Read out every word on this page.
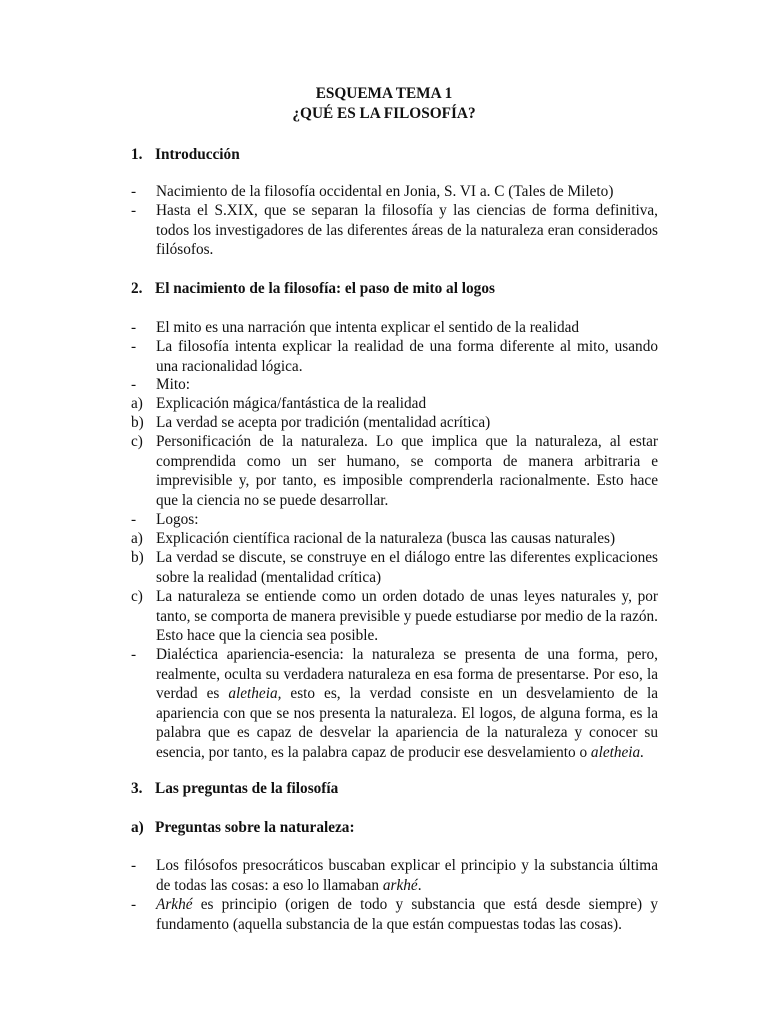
ESQUEMA TEMA 1
¿QUÉ ES LA FILOSOFÍA?
1. Introducción
- Nacimiento de la filosofía occidental en Jonia, S. VI a. C (Tales de Mileto)
- Hasta el S.XIX, que se separan la filosofía y las ciencias de forma definitiva, todos los investigadores de las diferentes áreas de la naturaleza eran considerados filósofos.
2. El nacimiento de la filosofía: el paso de mito al logos
- El mito es una narración que intenta explicar el sentido de la realidad
- La filosofía intenta explicar la realidad de una forma diferente al mito, usando una racionalidad lógica.
- Mito:
a) Explicación mágica/fantástica de la realidad
b) La verdad se acepta por tradición (mentalidad acrítica)
c) Personificación de la naturaleza. Lo que implica que la naturaleza, al estar comprendida como un ser humano, se comporta de manera arbitraria e imprevisible y, por tanto, es imposible comprenderla racionalmente. Esto hace que la ciencia no se puede desarrollar.
- Logos:
a) Explicación científica racional de la naturaleza (busca las causas naturales)
b) La verdad se discute, se construye en el diálogo entre las diferentes explicaciones sobre la realidad (mentalidad crítica)
c) La naturaleza se entiende como un orden dotado de unas leyes naturales y, por tanto, se comporta de manera previsible y puede estudiarse por medio de la razón. Esto hace que la ciencia sea posible.
- Dialéctica apariencia-esencia: la naturaleza se presenta de una forma, pero, realmente, oculta su verdadera naturaleza en esa forma de presentarse. Por eso, la verdad es aletheia, esto es, la verdad consiste en un desvelamiento de la apariencia con que se nos presenta la naturaleza. El logos, de alguna forma, es la palabra que es capaz de desvelar la apariencia de la naturaleza y conocer su esencia, por tanto, es la palabra capaz de producir ese desvelamiento o aletheia.
3. Las preguntas de la filosofía
a) Preguntas sobre la naturaleza:
- Los filósofos presocráticos buscaban explicar el principio y la substancia última de todas las cosas: a eso lo llamaban arkhé.
- Arkhé es principio (origen de todo y substancia que está desde siempre) y fundamento (aquella substancia de la que están compuestas todas las cosas).
